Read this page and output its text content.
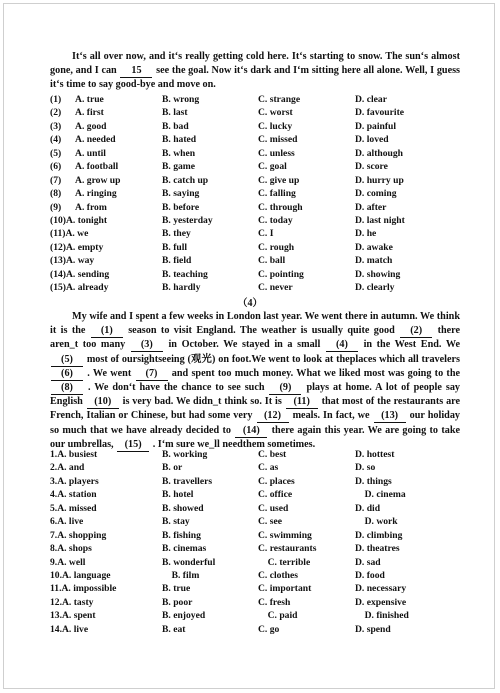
It‘s all over now, and it‘s really getting cold here. It‘s starting to snow. The sun‘s almost gone, and I can 15 see the goal. Now it‘s dark and I‘m sitting here all alone. Well, I guess it‘s time to say good-bye and move on.
(1)      A. true	B. wrong	C. strange	D. clear
(2)      A. first	B. last	C. worst	D. favourite
(3)      A. good	B. bad	C. lucky	D. painful
(4)      A. needed	B. hated	C. missed	D. loved
(5)      A. until	B. when	C. unless	D. although
(6)      A. football	B. game	C. goal	D. score
(7)      A. grow up	B. catch up	C. give up	D. hurry up
(8)      A. ringing	B. saying	C. falling	D. coming
(9)      A. from	B. before	C. through	D. after
(10)A. tonight	B. yesterday	C. today	D. last night
(11)A. we	B. they	C. I	D. he
(12)A. empty	B. full	C. rough	D. awake
(13)A. way	B. field	C. ball	D. match
(14)A. sending	B. teaching	C. pointing	D. showing
(15)A. already	B. hardly	C. never	D. clearly
（4）
My wife and I spent a few weeks in London last year. We went there in autumn. We think it is the (1) season to visit England. The weather is usually quite good (2) there aren_t too many (3) in October. We stayed in a small (4) in the West End. We (5) most of oursightseeing (观光) on foot.We went to look at theplaces which all travelers (6) . We went (7) and spent too much money. What we liked most was going to the (8) . We don‘t have the chance to see such (9) plays at home. A lot of people say English (10) is very bad. We didn_t think so. It is (11) that most of the restaurants are French, Italian or Chinese, but had some very (12) meals. In fact, we (13) our holiday so much that we have already decided to (14) there again this year. We are going to take our umbrellas, (15) . I‘m sure we_ll needthem sometimes.
1.A. busiest	B. working	C. best	D. hottest
2.A. and	B. or	C. as	D. so
3.A. players	B. travellers	C. places	D. things
4.A. station	B. hotel	C. office	D. cinema
5.A. missed	B. showed	C. used	D. did
6.A. live	B. stay	C. see	D. work
7.A. shopping	B. fishing	C. swimming	D. climbing
8.A. shops	B. cinemas	C. restaurants	D. theatres
9.A. well	B. wonderful	C. terrible	D. sad
10.A. language	B. film	C. clothes	D. food
11.A. impossible	B. true	C. important	D. necessary
12.A. tasty	B. poor	C. fresh	D. expensive
13.A. spent	B. enjoyed	C. paid	D. finished
14.A. live	B. eat	C. go	D. spend
